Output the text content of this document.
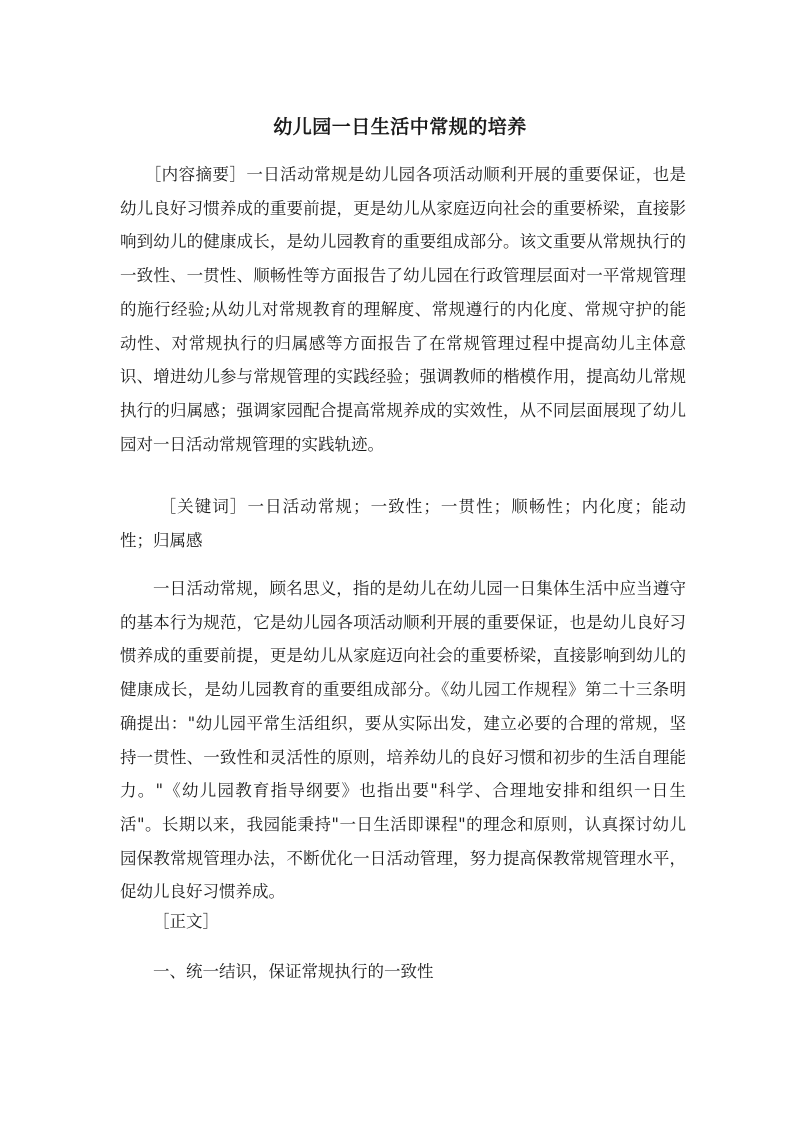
幼儿园一日生活中常规的培养

［内容摘要］一日活动常规是幼儿园各项活动顺利开展的重要保证，也是幼儿良好习惯养成的重要前提，更是幼儿从家庭迈向社会的重要桥梁，直接影响到幼儿的健康成长，是幼儿园教育的重要组成部分。该文重要从常规执行的一致性、一贯性、顺畅性等方面报告了幼儿园在行政管理层面对一平常规管理的施行经验;从幼儿对常规教育的理解度、常规遵行的内化度、常规守护的能动性、对常规执行的归属感等方面报告了在常规管理过程中提高幼儿主体意识、增进幼儿参与常规管理的实践经验；强调教师的楷模作用，提高幼儿常规执行的归属感；强调家园配合提高常规养成的实效性，从不同层面展现了幼儿园对一日活动常规管理的实践轨迹。

［关键词］一日活动常规；一致性；一贯性；顺畅性；内化度；能动性；归属感

一日活动常规，顾名思义，指的是幼儿在幼儿园一日集体生活中应当遵守的基本行为规范，它是幼儿园各项活动顺利开展的重要保证，也是幼儿良好习惯养成的重要前提，更是幼儿从家庭迈向社会的重要桥梁，直接影响到幼儿的健康成长，是幼儿园教育的重要组成部分。《幼儿园工作规程》第二十三条明确提出："幼儿园平常生活组织，要从实际出发，建立必要的合理的常规，坚持一贯性、一致性和灵活性的原则，培养幼儿的良好习惯和初步的生活自理能力。"《幼儿园教育指导纲要》也指出要"科学、合理地安排和组织一日生活"。长期以来，我园能秉持"一日生活即课程"的理念和原则，认真探讨幼儿园保教常规管理办法，不断优化一日活动管理，努力提高保教常规管理水平，促幼儿良好习惯养成。

［正文］

一、统一结识，保证常规执行的一致性
